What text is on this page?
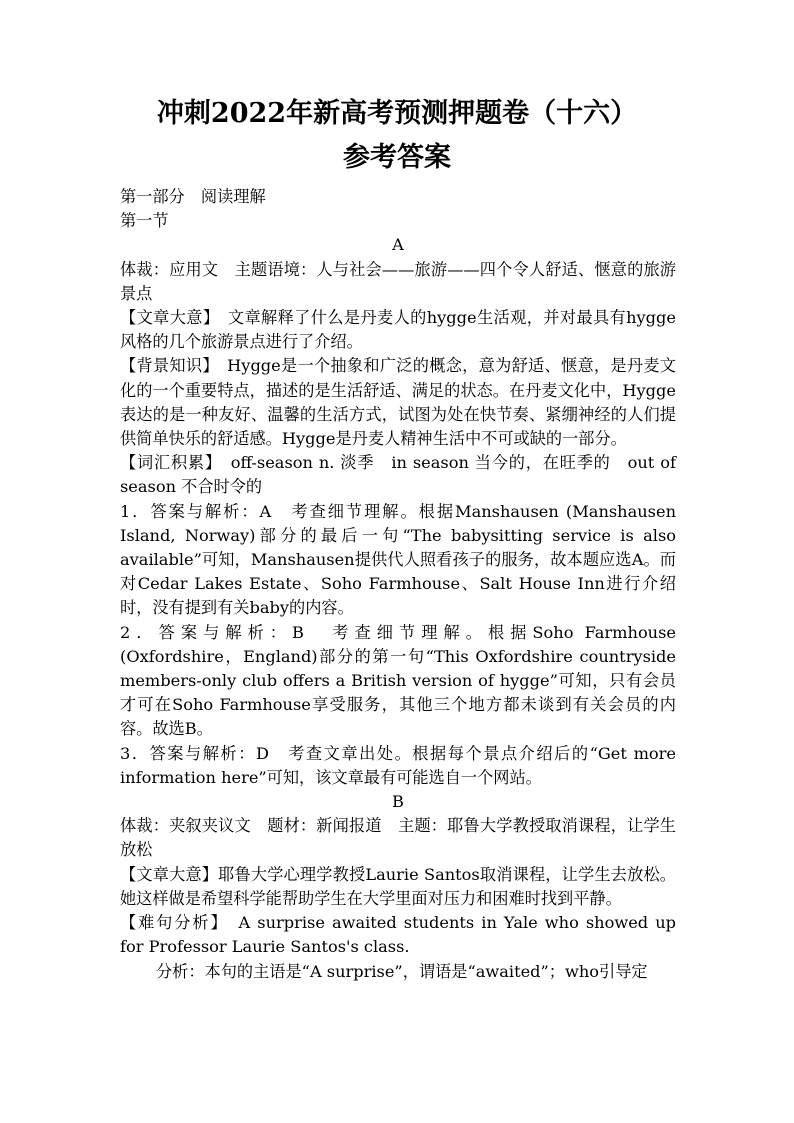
冲刺2022年新高考预测押题卷（十六）
参考答案

第一部分　阅读理解

第一节

A

体裁：应用文　主题语境：人与社会——旅游——四个令人舒适、惬意的旅游景点

【文章大意】　文章解释了什么是丹麦人的hygge生活观，并对最具有hygge风格的几个旅游景点进行了介绍。

【背景知识】　Hygge是一个抽象和广泛的概念，意为舒适、惬意，是丹麦文化的一个重要特点，描述的是生活舒适、满足的状态。在丹麦文化中，Hygge表达的是一种友好、温馨的生活方式，试图为处在快节奏、紧绷神经的人们提供简单快乐的舒适感。Hygge是丹麦人精神生活中不可或缺的一部分。

【词汇积累】　off-season n. 淡季　in season 当今的，在旺季的　out of season 不合时令的

1．答案与解析：A　考查细节理解。根据Manshausen (Manshausen Island, Norway)部分的最后一句“The babysitting service is also available”可知，Manshausen提供代人照看孩子的服务，故本题应选A。而对Cedar Lakes Estate、Soho Farmhouse、Salt House Inn进行介绍时，没有提到有关baby的内容。

2．答案与解析：B　考查细节理解。根据Soho Farmhouse (Oxfordshire，England)部分的第一句“This Oxfordshire countryside members-only club offers a British version of hygge”可知，只有会员才可在Soho Farmhouse享受服务，其他三个地方都未谈到有关会员的内容。故选B。

3．答案与解析：D　考查文章出处。根据每个景点介绍后的“Get more information here”可知，该文章最有可能选自一个网站。

B

体裁：夹叙夹议文　题材：新闻报道　主题：耶鲁大学教授取消课程，让学生放松

【文章大意】耶鲁大学心理学教授Laurie Santos取消课程，让学生去放松。她这样做是希望科学能帮助学生在大学里面对压力和困难时找到平静。

【难句分析】　A surprise awaited students in Yale who showed up for Professor Laurie Santos's class.

分析：本句的主语是“A surprise”，谓语是“awaited”；who引导定
